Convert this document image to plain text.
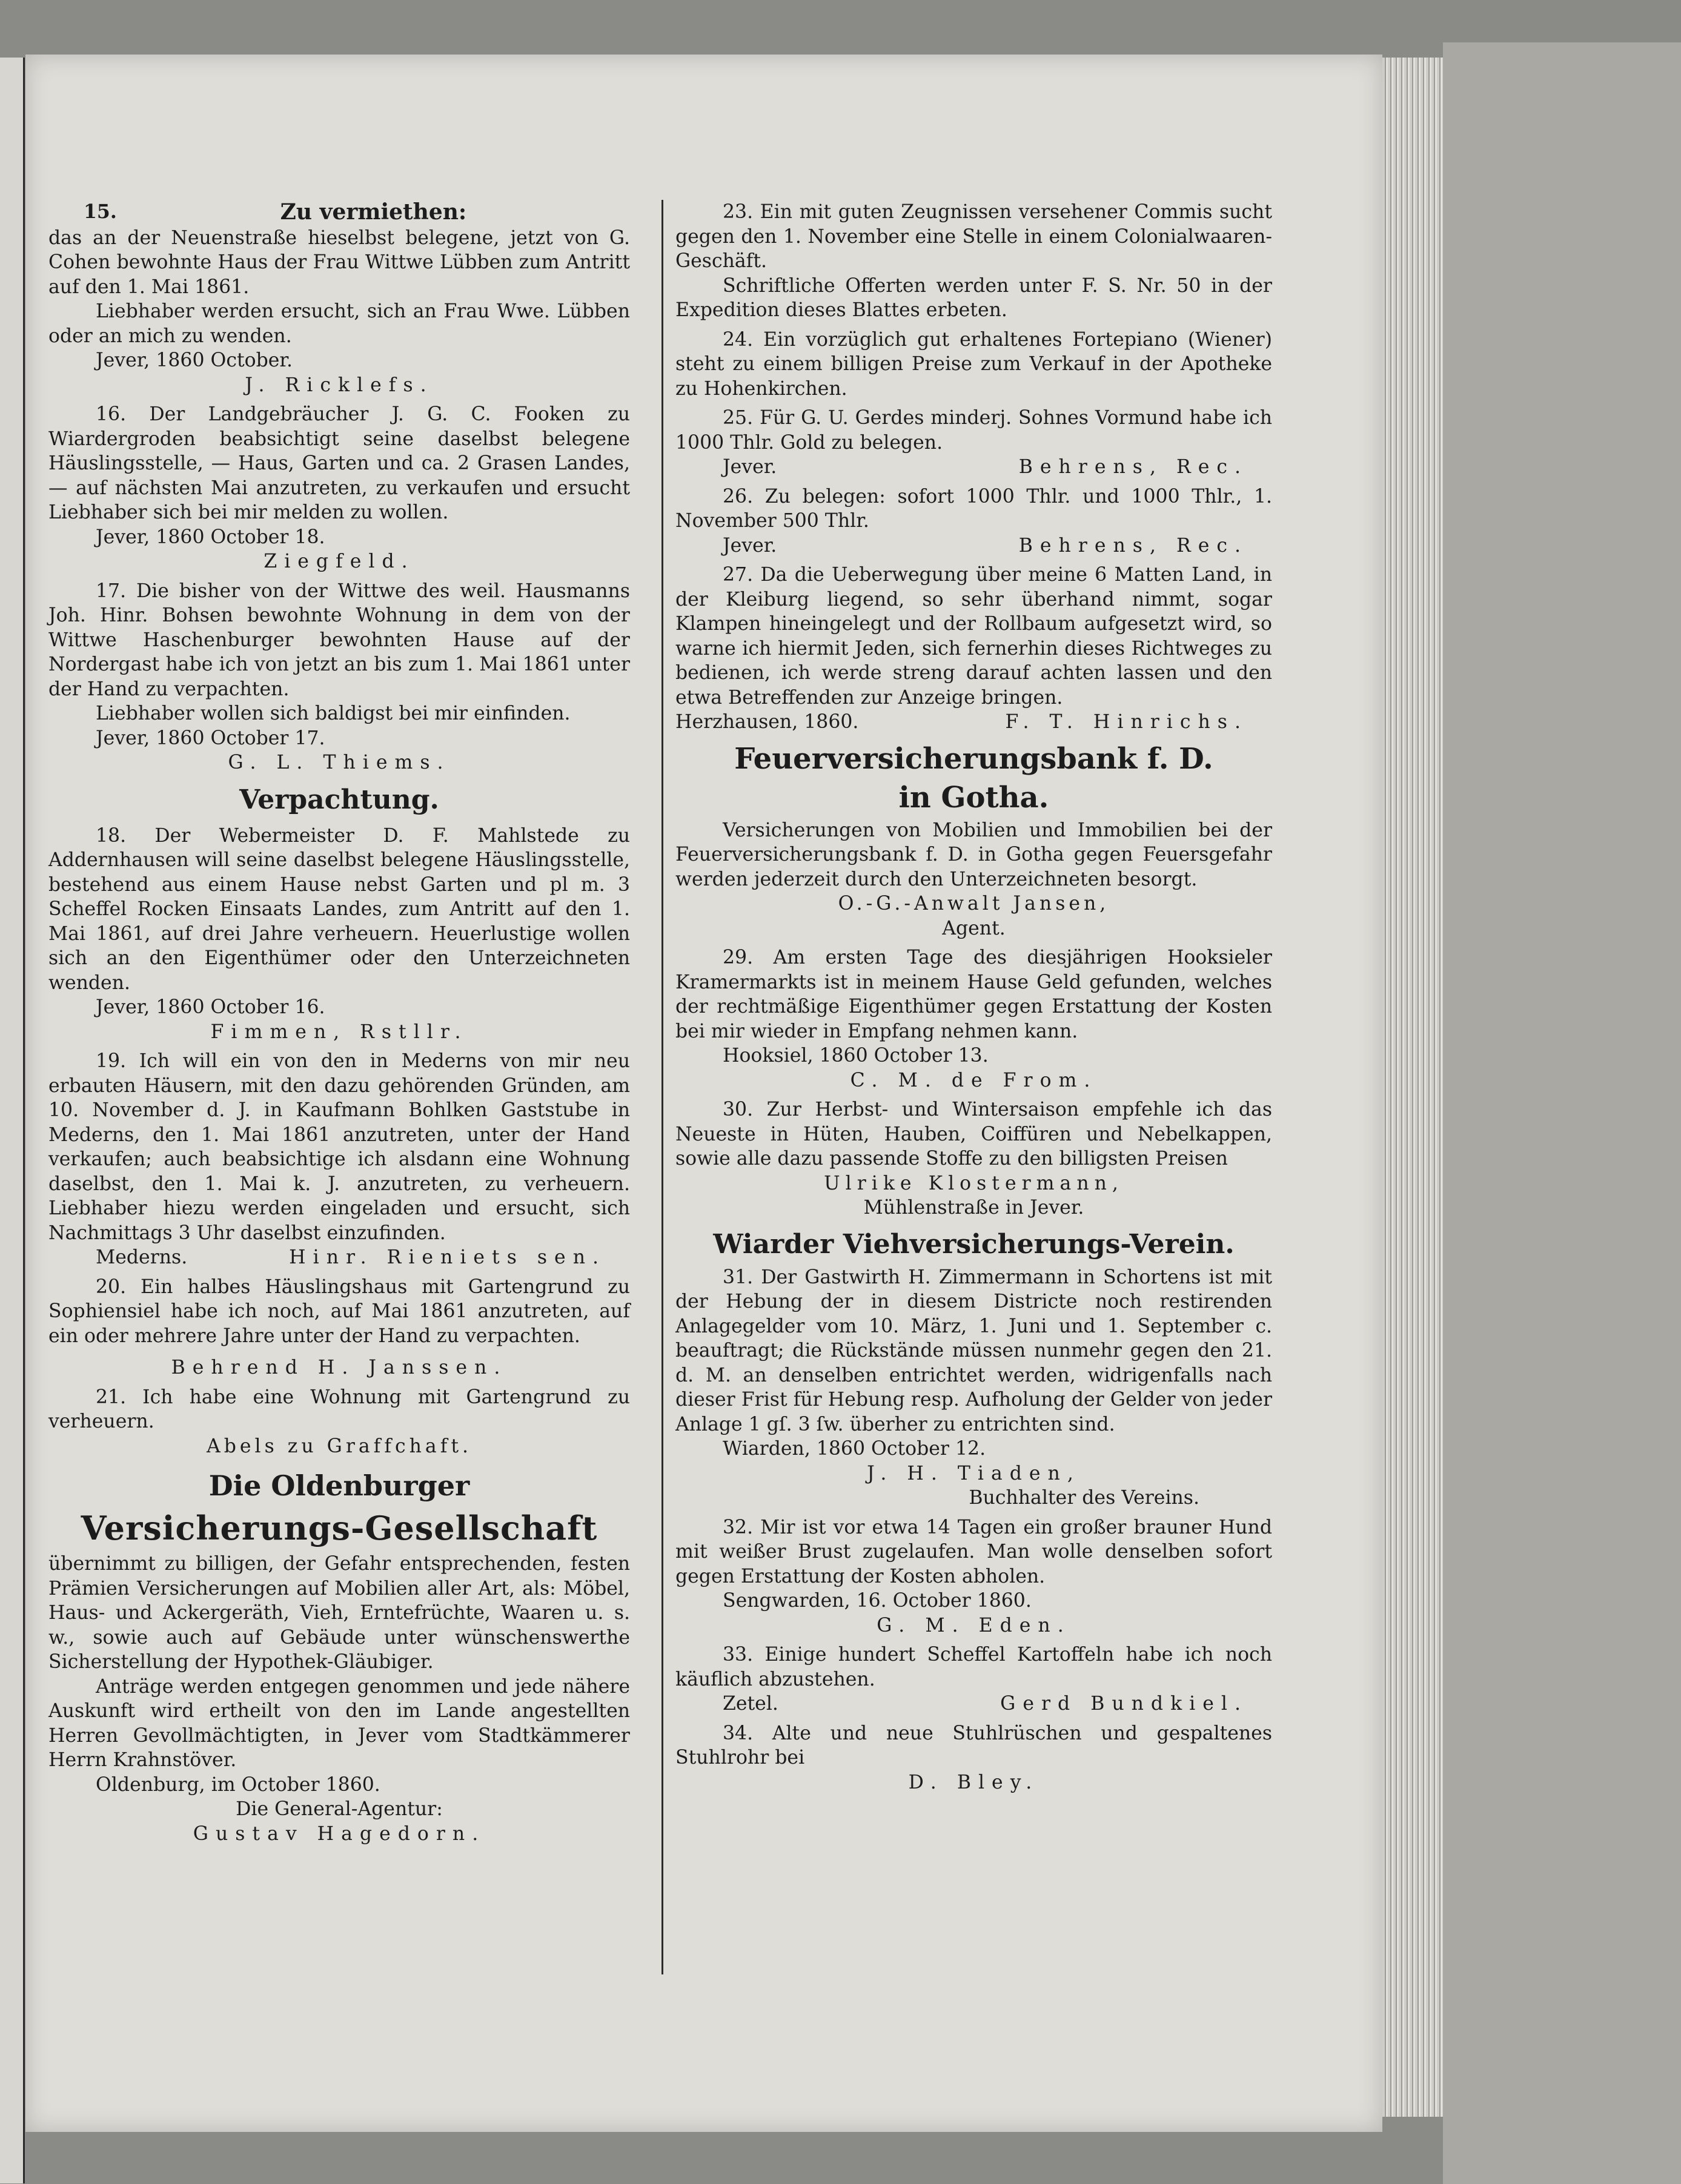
15.	Zu vermiethen:

das an der Neuenstraße hieselbst belegene, jetzt von G. Cohen bewohnte Haus der Frau Wittwe Lübben zum Antritt auf den 1. Mai 1861.

Liebhaber werden ersucht, sich an Frau Wwe. Lübben oder an mich zu wenden.

Jever, 1860 October.

J. Ricklefs.

16. Der Landgebräucher J. G. C. Fooken zu Wiardergroden beabsichtigt seine daselbst belegene Häuslingsstelle, — Haus, Garten und ca. 2 Grasen Landes, — auf nächsten Mai anzutreten, zu verkaufen und ersucht Liebhaber sich bei mir melden zu wollen.

Jever, 1860 October 18.

Ziegfeld.

17. Die bisher von der Wittwe des weil. Hausmanns Joh. Hinr. Bohsen bewohnte Wohnung in dem von der Wittwe Haschenburger bewohnten Hause auf der Nordergast habe ich von jetzt an bis zum 1. Mai 1861 unter der Hand zu verpachten.

Liebhaber wollen sich baldigst bei mir einfinden.

Jever, 1860 October 17.

G. L. Thiems.

Verpachtung.

18. Der Webermeister D. F. Mahlstede zu Addernhausen will seine daselbst belegene Häuslingsstelle, bestehend aus einem Hause nebst Garten und pl m. 3 Scheffel Rocken Einsaats Landes, zum Antritt auf den 1. Mai 1861, auf drei Jahre verheuern. Heuerlustige wollen sich an den Eigenthümer oder den Unterzeichneten wenden.

Jever, 1860 October 16.

Fimmen, Rstllr.

19. Ich will ein von den in Mederns von mir neu erbauten Häusern, mit den dazu gehörenden Gründen, am 10. November d. J. in Kaufmann Bohlken Gaststube in Mederns, den 1. Mai 1861 anzutreten, unter der Hand verkaufen; auch beabsichtige ich alsdann eine Wohnung daselbst, den 1. Mai k. J. anzutreten, zu verheuern. Liebhaber hiezu werden eingeladen und ersucht, sich Nachmittags 3 Uhr daselbst einzufinden.

Mederns.	Hinr. Rieniets sen.

20. Ein halbes Häuslingshaus mit Gartengrund zu Sophiensiel habe ich noch, auf Mai 1861 anzutreten, auf ein oder mehrere Jahre unter der Hand zu verpachten.

Behrend H. Janssen.

21. Ich habe eine Wohnung mit Gartengrund zu verheuern.

Abels zu Graffchaft.

Die Oldenburger

Versicherungs-Gesellschaft

übernimmt zu billigen, der Gefahr entsprechenden, festen Prämien Versicherungen auf Mobilien aller Art, als: Möbel, Haus- und Ackergeräth, Vieh, Erntefrüchte, Waaren u. s. w., sowie auch auf Gebäude unter wünschenswerthe Sicherstellung der Hypothek-Gläubiger.

Anträge werden entgegen genommen und jede nähere Auskunft wird ertheilt von den im Lande angestellten Herren Gevollmächtigten, in Jever vom Stadtkämmerer Herrn Krahnstöver.

Oldenburg, im October 1860.

Die General-Agentur:

Gustav Hagedorn.

23. Ein mit guten Zeugnissen versehener Commis sucht gegen den 1. November eine Stelle in einem Colonialwaaren-Geschäft.

Schriftliche Offerten werden unter F. S. Nr. 50 in der Expedition dieses Blattes erbeten.

24. Ein vorzüglich gut erhaltenes Fortepiano (Wiener) steht zu einem billigen Preise zum Verkauf in der Apotheke zu Hohenkirchen.

25. Für G. U. Gerdes minderj. Sohnes Vormund habe ich 1000 Thlr. Gold zu belegen.

Jever.	Behrens, Rec.

26. Zu belegen: sofort 1000 Thlr. und 1000 Thlr., 1. November 500 Thlr.

Jever.	Behrens, Rec.

27. Da die Ueberwegung über meine 6 Matten Land, in der Kleiburg liegend, so sehr überhand nimmt, sogar Klampen hineingelegt und der Rollbaum aufgesetzt wird, so warne ich hiermit Jeden, sich fernerhin dieses Richtweges zu bedienen, ich werde streng darauf achten lassen und den etwa Betreffenden zur Anzeige bringen.

Herzhausen, 1860.	F. T. Hinrichs.

Feuerversicherungsbank f. D.

in Gotha.

Versicherungen von Mobilien und Immobilien bei der Feuerversicherungsbank f. D. in Gotha gegen Feuersgefahr werden jederzeit durch den Unterzeichneten besorgt.

O.-G.-Anwalt Jansen,

Agent.

29. Am ersten Tage des diesjährigen Hooksieler Kramermarkts ist in meinem Hause Geld gefunden, welches der rechtmäßige Eigenthümer gegen Erstattung der Kosten bei mir wieder in Empfang nehmen kann.

Hooksiel, 1860 October 13.

C. M. de From.

30. Zur Herbst- und Wintersaison empfehle ich das Neueste in Hüten, Hauben, Coiffüren und Nebelkappen, sowie alle dazu passende Stoffe zu den billigsten Preisen

Ulrike Klostermann,

Mühlenstraße in Jever.

Wiarder Viehversicherungs-Verein.

31. Der Gastwirth H. Zimmermann in Schortens ist mit der Hebung der in diesem Districte noch restirenden Anlagegelder vom 10. März, 1. Juni und 1. September c. beauftragt; die Rückstände müssen nunmehr gegen den 21. d. M. an denselben entrichtet werden, widrigenfalls nach dieser Frist für Hebung resp. Aufholung der Gelder von jeder Anlage 1 gſ. 3 ſw. überher zu entrichten sind.

Wiarden, 1860 October 12.

J. H. Tiaden,

Buchhalter des Vereins.

32. Mir ist vor etwa 14 Tagen ein großer brauner Hund mit weißer Brust zugelaufen. Man wolle denselben sofort gegen Erstattung der Kosten abholen.

Sengwarden, 16. October 1860.

G. M. Eden.

33. Einige hundert Scheffel Kartoffeln habe ich noch käuflich abzustehen.

Zetel.	Gerd Bundkiel.

34. Alte und neue Stuhlrüschen und gespaltenes Stuhlrohr bei

D. Bley.
